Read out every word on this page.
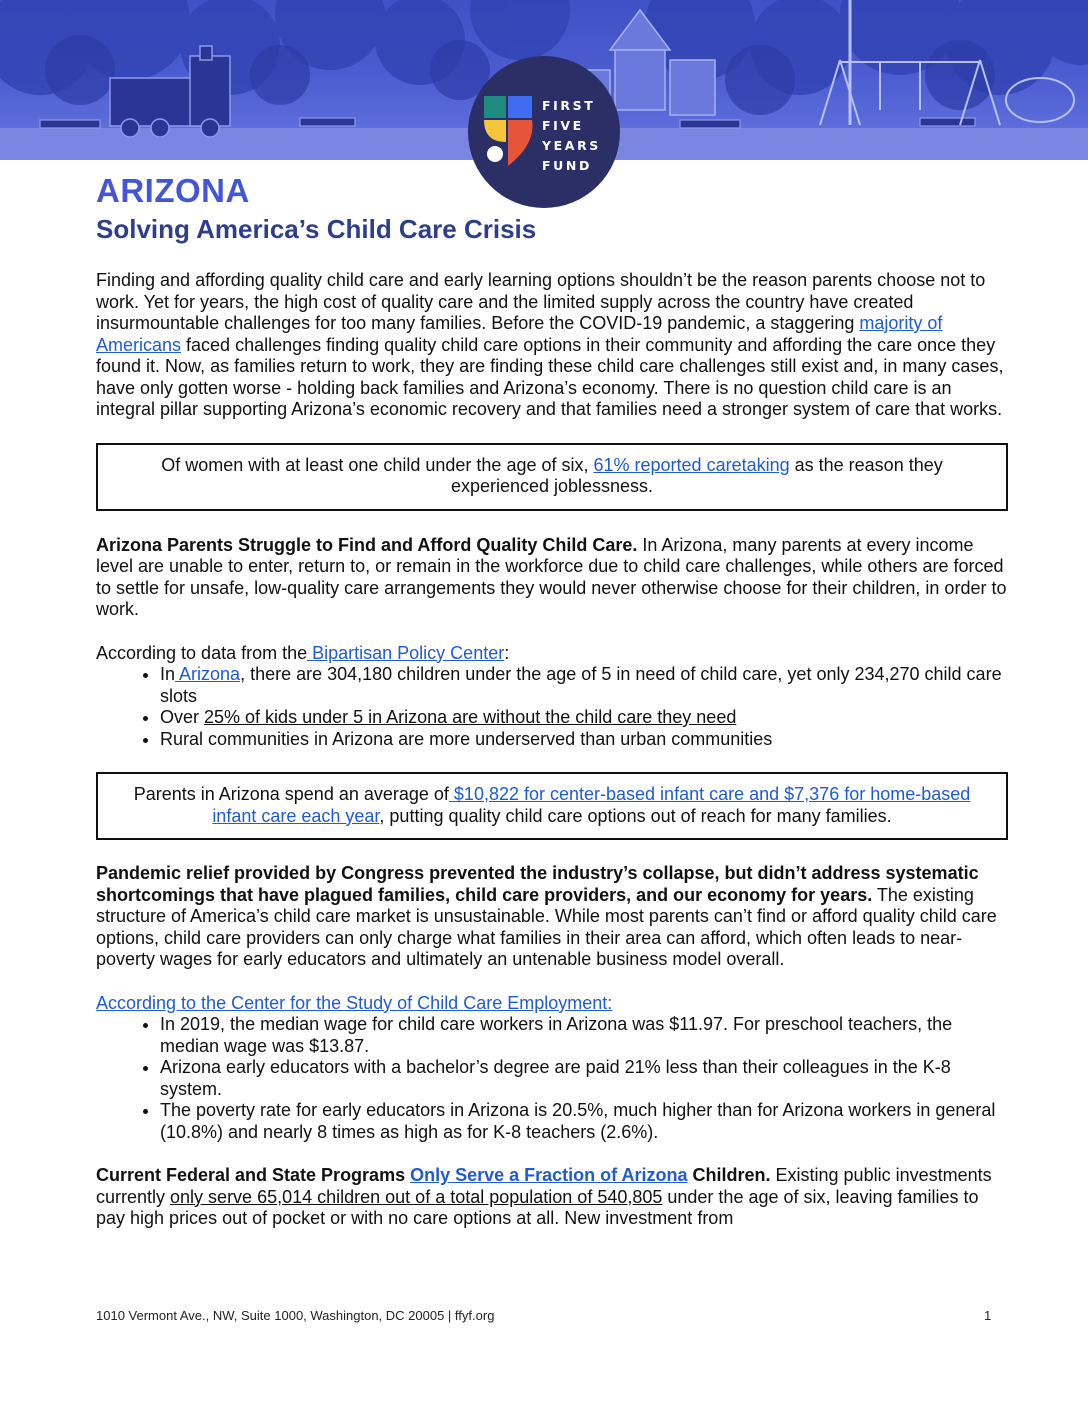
FIRST
FIVE
YEARS
FUND
ARIZONA
Solving America’s Child Care Crisis

Finding and affording quality child care and early learning options shouldn’t be the reason parents choose not to work. Yet for years, the high cost of quality care and the limited supply across the country have created insurmountable challenges for too many families. Before the COVID-19 pandemic, a staggering majority of Americans faced challenges finding quality child care options in their community and affording the care once they found it. Now, as families return to work, they are finding these child care challenges still exist and, in many cases, have only gotten worse - holding back families and Arizona’s economy. There is no question child care is an integral pillar supporting Arizona’s economic recovery and that families need a stronger system of care that works.

Of women with at least one child under the age of six, 61% reported caretaking as the reason they experienced joblessness.

Arizona Parents Struggle to Find and Afford Quality Child Care. In Arizona, many parents at every income level are unable to enter, return to, or remain in the workforce due to child care challenges, while others are forced to settle for unsafe, low-quality care arrangements they would never otherwise choose for their children, in order to work.

According to data from the Bipartisan Policy Center:

• In Arizona, there are 304,180 children under the age of 5 in need of child care, yet only 234,270 child care slots
• Over 25% of kids under 5 in Arizona are without the child care they need
• Rural communities in Arizona are more underserved than urban communities
Parents in Arizona spend an average of $10,822 for center-based infant care and $7,376 for home-based infant care each year, putting quality child care options out of reach for many families.

Pandemic relief provided by Congress prevented the industry’s collapse, but didn’t address systematic shortcomings that have plagued families, child care providers, and our economy for years. The existing structure of America’s child care market is unsustainable. While most parents can’t find or afford quality child care options, child care providers can only charge what families in their area can afford, which often leads to near-poverty wages for early educators and ultimately an untenable business model overall.

According to the Center for the Study of Child Care Employment:

• In 2019, the median wage for child care workers in Arizona was $11.97. For preschool teachers, the median wage was $13.87.
• Arizona early educators with a bachelor’s degree are paid 21% less than their colleagues in the K-8 system.
• The poverty rate for early educators in Arizona is 20.5%, much higher than for Arizona workers in general (10.8%) and nearly 8 times as high as for K-8 teachers (2.6%).

Current Federal and State Programs Only Serve a Fraction of Arizona Children. Existing public investments currently only serve 65,014 children out of a total population of 540,805 under the age of six, leaving families to pay high prices out of pocket or with no care options at all. New investment from

1010 Vermont Ave., NW, Suite 1000, Washington, DC 20005 | ffyf.org	1
